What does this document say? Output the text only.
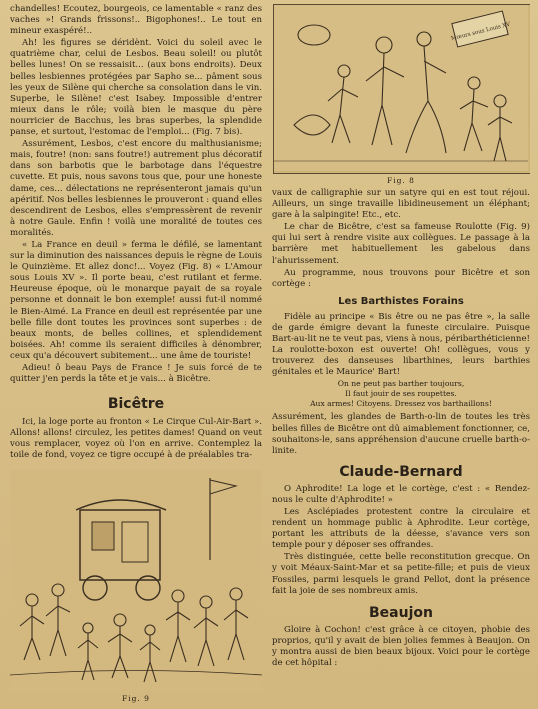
chandelles! Ecoutez, bourgeois, ce lamentable « ranz des vaches »! Grands frissons!.. Bigophones!.. Le tout en mineur exaspéré!..

Ah! les figures se déridènt. Voici du soleil avec le quatrième char, celui de Lesbos. Beau soleil! ou plutôt belles lunes! On se ressaisit... (aux bons endroits). Deux belles lesbiennes protégées par Sapho se... pâment sous les yeux de Silène qui cherche sa consolation dans le vin. Superbe, le Silène! c'est Isabey. Impossible d'entrer mieux dans le rôle; voilà bien le masque du père nourricier de Bacchus, les bras superbes, la splendide panse, et surtout, l'estomac de l'emploi... (Fig. 7 bis).

Assurément, Lesbos, c'est encore du malthusianisme; mais, foutre! (non: sans foutre!) autrement plus décoratif dans son barbotis que le barbotage dans l'équestre cuvette. Et puis, nous savons tous que, pour une honeste dame, ces... délectations ne représenteront jamais qu'un apéritif. Nos belles lesbiennes le prouveront : quand elles descendirent de Lesbos, elles s'empressèrent de revenir à notre Gaule. Enfin ! voilà une moralité de toutes ces moralités.

« La France en deuil » ferma le défilé, se lamentant sur la diminution des naissances depuis le règne de Louis le Quinzième. Et allez donc!... Voyez (Fig. 8) « L'Amour sous Louis XV ». Il porte beau, c'est rutilant et ferme. Heureuse époque, où le monarque payait de sa royale personne et donnait le bon exemple! aussi fut-il nommé le Bien-Aimé. La France en deuil est représentée par une belle fille dont toutes les provinces sont superbes : de beaux monts, de belles collines, et splendidement boisées. Ah! comme ils seraient difficiles à dénombrer, ceux qu'a découvert subitement... une âme de touriste!

Adieu! ô beau Pays de France ! Je suis forcé de te quitter j'en perds la tête et je vais... à Bicêtre.

Bicêtre

Ici, la loge porte au fronton « Le Cirque Cul-Air-Bart ». Allons! allons! circulez, les petites dames! Quand on veut vous remplacer, voyez où l'on en arrive. Contemplez la toile de fond, voyez ce tigre occupé à de préalables tra-

Fig. 9
Mœurs sous Louis XV
Fig. 8

vaux de calligraphie sur un satyre qui en est tout réjoui. Ailleurs, un singe travaille libidineusement un éléphant; gare à la salpingite! Etc., etc.

Le char de Bicêtre, c'est sa fameuse Roulotte (Fig. 9) qui lui sert à rendre visite aux collègues. Le passage à la barrière met habituellement les gabelous dans l'ahurissement.

Au programme, nous trouvons pour Bicêtre et son cortège :

Les Barthistes Forains

Fidèle au principe « Bis être ou ne pas être », la salle de garde émigre devant la funeste circulaire. Puisque Bart-au-lit ne te veut pas, viens à nous, péribarthéticienne! La roulotte-boxon est ouverte! Oh! collègues, vous y trouverez des danseuses libarthines, leurs barthies génitales et le Maurice' Bart!

On ne peut pas barther toujours,
Il faut jouir de ses roupettes.
Aux armes! Citoyens. Dressez vos barthaillons!

Assurément, les glandes de Barth-o-lin de toutes les très belles filles de Bicêtre ont dû aimablement fonctionner, ce, souhaitons-le, sans appréhension d'aucune cruelle barth-o-linite.

Claude-Bernard

O Aphrodite! La loge et le cortège, c'est : « Rendez-nous le culte d'Aphrodite! »

Les Asclépiades protestent contre la circulaire et rendent un hommage public à Aphrodite. Leur cortège, portant les attributs de la déesse, s'avance vers son temple pour y déposer ses offrandes.

Très distinguée, cette belle reconstitution grecque. On y voit Méaux-Saint-Mar et sa petite-fille; et puis de vieux Fossiles, parmi lesquels le grand Pellot, dont la présence fait la joie de ses nombreux amis.

Beaujon

Gloire à Cochon! c'est grâce à ce citoyen, phobie des proprios, qu'il y avait de bien jolies femmes à Beaujon. On y montra aussi de bien beaux bijoux. Voici pour le cortège de cet hôpital :
